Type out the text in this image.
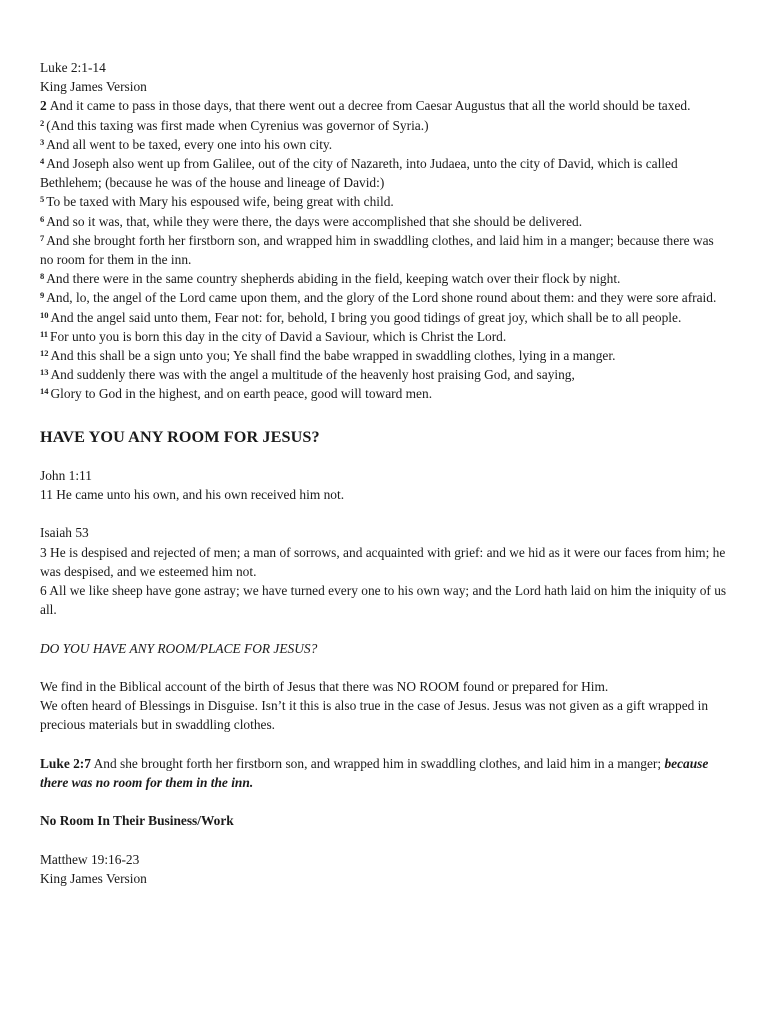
Luke 2:1-14
King James Version
2 And it came to pass in those days, that there went out a decree from Caesar Augustus that all the world should be taxed.
$^2$ (And this taxing was first made when Cyrenius was governor of Syria.)
$^3$ And all went to be taxed, every one into his own city.
$^4$ And Joseph also went up from Galilee, out of the city of Nazareth, into Judaea, unto the city of David, which is called Bethlehem; (because he was of the house and lineage of David:)
$^5$ To be taxed with Mary his espoused wife, being great with child.
$^6$ And so it was, that, while they were there, the days were accomplished that she should be delivered.
$^7$ And she brought forth her firstborn son, and wrapped him in swaddling clothes, and laid him in a manger; because there was no room for them in the inn.
$^8$ And there were in the same country shepherds abiding in the field, keeping watch over their flock by night.
$^9$ And, lo, the angel of the Lord came upon them, and the glory of the Lord shone round about them: and they were sore afraid.
$^{10}$ And the angel said unto them, Fear not: for, behold, I bring you good tidings of great joy, which shall be to all people.
$^{11}$ For unto you is born this day in the city of David a Saviour, which is Christ the Lord.
$^{12}$ And this shall be a sign unto you; Ye shall find the babe wrapped in swaddling clothes, lying in a manger.
$^{13}$ And suddenly there was with the angel a multitude of the heavenly host praising God, and saying,
$^{14}$ Glory to God in the highest, and on earth peace, good will toward men.
HAVE YOU ANY ROOM FOR JESUS?
John 1:11
11 He came unto his own, and his own received him not.
Isaiah 53
3 He is despised and rejected of men; a man of sorrows, and acquainted with grief: and we hid as it were our faces from him; he was despised, and we esteemed him not.
6 All we like sheep have gone astray; we have turned every one to his own way; and the Lord hath laid on him the iniquity of us all.
DO YOU HAVE ANY ROOM/PLACE FOR JESUS?
We find in the Biblical account of the birth of Jesus that there was NO ROOM found or prepared for Him.
We often heard of Blessings in Disguise. Isn’t it this is also true in the case of Jesus. Jesus was not given as a gift wrapped in precious materials but in swaddling clothes.
Luke 2:7 And she brought forth her firstborn son, and wrapped him in swaddling clothes, and laid him in a manger; because there was no room for them in the inn.
No Room In Their Business/Work
Matthew 19:16-23
King James Version
